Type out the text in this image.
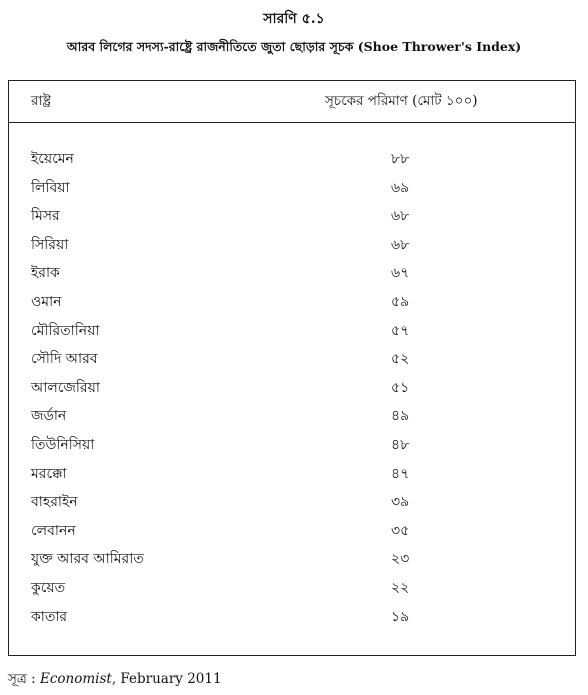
সারণি ৫.১
আরব লিগের সদস্য-রাষ্ট্রে রাজনীতিতে জুতা ছোড়ার সূচক (Shoe Thrower's Index)
রাষ্ট্র	সূচকের পরিমাণ (মোট ১০০)
ইয়েমেন	৮৮
লিবিয়া	৬৯
মিসর	৬৮
সিরিয়া	৬৮
ইরাক	৬৭
ওমান	৫৯
মৌরিতানিয়া	৫৭
সৌদি আরব	৫২
আলজেরিয়া	৫১
জর্ডান	৪৯
তিউনিসিয়া	৪৮
মরক্কো	৪৭
বাহরাইন	৩৯
লেবানন	৩৫
যুক্ত আরব আমিরাত	২৩
কুয়েত	২২
কাতার	১৯
সূত্র : Economist, February 2011
